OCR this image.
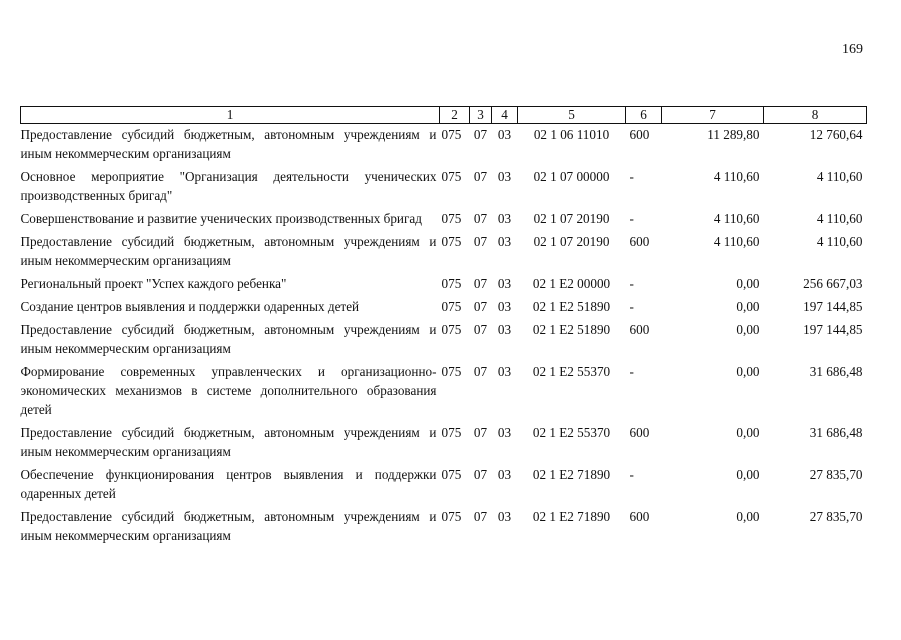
169
1	2	3	4	5	6	7	8
Предоставление субсидий бюджетным, автономным учреждениям и иным некоммерческим организациям	075	07	03	02 1 06 11010	600	11 289,80	12 760,64
Основное мероприятие "Организация деятельности ученических производственных бригад"	075	07	03	02 1 07 00000	-	4 110,60	4 110,60
Совершенствование и развитие ученических производственных бригад	075	07	03	02 1 07 20190	-	4 110,60	4 110,60
Предоставление субсидий бюджетным, автономным учреждениям и иным некоммерческим организациям	075	07	03	02 1 07 20190	600	4 110,60	4 110,60
Региональный проект "Успех каждого ребенка"	075	07	03	02 1 E2 00000	-	0,00	256 667,03
Создание центров выявления и поддержки одаренных детей	075	07	03	02 1 E2 51890	-	0,00	197 144,85
Предоставление субсидий бюджетным, автономным учреждениям и иным некоммерческим организациям	075	07	03	02 1 E2 51890	600	0,00	197 144,85
Формирование современных управленческих и организационно-экономических механизмов в системе дополнительного образования детей	075	07	03	02 1 E2 55370	-	0,00	31 686,48
Предоставление субсидий бюджетным, автономным учреждениям и иным некоммерческим организациям	075	07	03	02 1 E2 55370	600	0,00	31 686,48
Обеспечение функционирования центров выявления и поддержки одаренных детей	075	07	03	02 1 E2 71890	-	0,00	27 835,70
Предоставление субсидий бюджетным, автономным учреждениям и иным некоммерческим организациям	075	07	03	02 1 E2 71890	600	0,00	27 835,70
